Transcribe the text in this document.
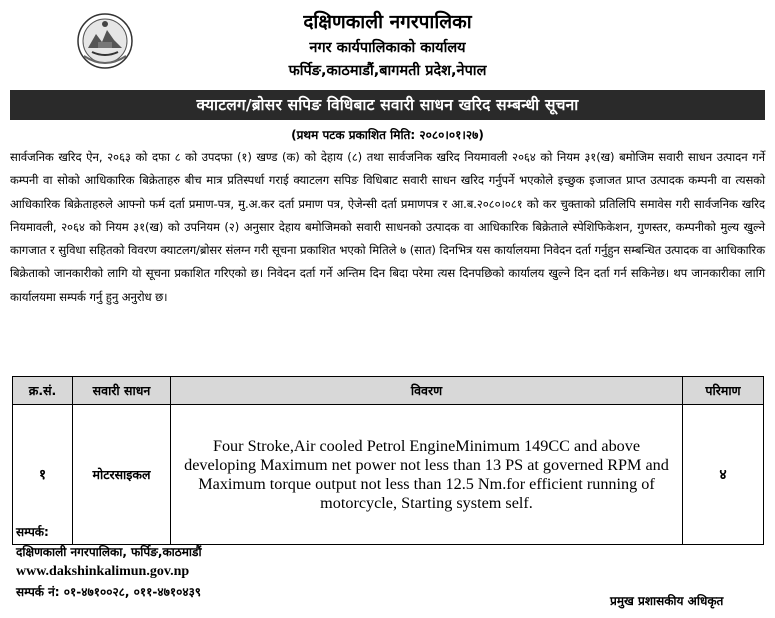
दक्षिणकाली नगरपालिका
नगर कार्यपालिकाको कार्यालय
फर्पिङ,काठमाडौं,बागमती प्रदेश,नेपाल
क्याटलग/ब्रोसर सपिङ विधिबाट सवारी साधन खरिद सम्बन्धी सूचना
(प्रथम पटक प्रकाशित मिति: २०८०।०१।२७)
सार्वजनिक खरिद ऐन, २०६३ को दफा ८ को उपदफा (१) खण्ड (क) को देहाय (८) तथा सार्वजनिक खरिद नियमावली २०६४ को नियम ३१(ख) बमोजिम सवारी साधन उत्पादन गर्ने कम्पनी वा सोको आधिकारिक बिक्रेताहरु बीच मात्र प्रतिस्पर्धा गराई क्याटलग सपिङ विधिबाट सवारी साधन खरिद गर्नुपर्ने भएकोले इच्छुक इजाजत प्राप्त उत्पादक कम्पनी वा त्यसको आधिकारिक बिक्रेताहरुले आफ्नो फर्म दर्ता प्रमाण-पत्र, मु.अ.कर दर्ता प्रमाण पत्र, ऐजेन्सी दर्ता प्रमाणपत्र र आ.ब.२०८०।०८१ को कर चुक्ताको प्रतिलिपि समावेस गरी सार्वजनिक खरिद नियमावली, २०६४ को नियम ३१(ख) को उपनियम (२) अनुसार देहाय बमोजिमको सवारी साधनको उत्पादक वा आधिकारिक बिक्रेताले स्पेशिफिकेशन, गुणस्तर, कम्पनीको मुल्य खुल्ने कागजात र सुविधा सहितको विवरण क्याटलग/ब्रोसर संलग्न गरी सूचना प्रकाशित भएको मितिले ७ (सात) दिनभित्र यस कार्यालयमा निवेदन दर्ता गर्नुहुन सम्बन्धित उत्पादक वा आधिकारिक बिक्रेताको जानकारीको लागि यो सूचना प्रकाशित गरिएको छ। निवेदन दर्ता गर्ने अन्तिम दिन बिदा परेमा त्यस दिनपछिको कार्यालय खुल्ने दिन दर्ता गर्न सकिनेछ। थप जानकारीका लागि कार्यालयमा सम्पर्क गर्नु हुनु अनुरोध छ।
क्र.सं.	सवारी साधन	विवरण	परिमाण
१	मोटरसाइकल	Four Stroke,Air cooled Petrol EngineMinimum 149CC and above developing Maximum net power not less than 13 PS at governed RPM and Maximum torque output not less than 12.5 Nm.for efficient running of motorcycle, Starting system self.	४
सम्पर्क:
दक्षिणकाली नगरपालिका, फर्पिङ,काठमाडौं
www.dakshinkalimun.gov.np
सम्पर्क नं: ०१-४७१००२८, ०११-४७१०४३९
प्रमुख प्रशासकीय अधिकृत
